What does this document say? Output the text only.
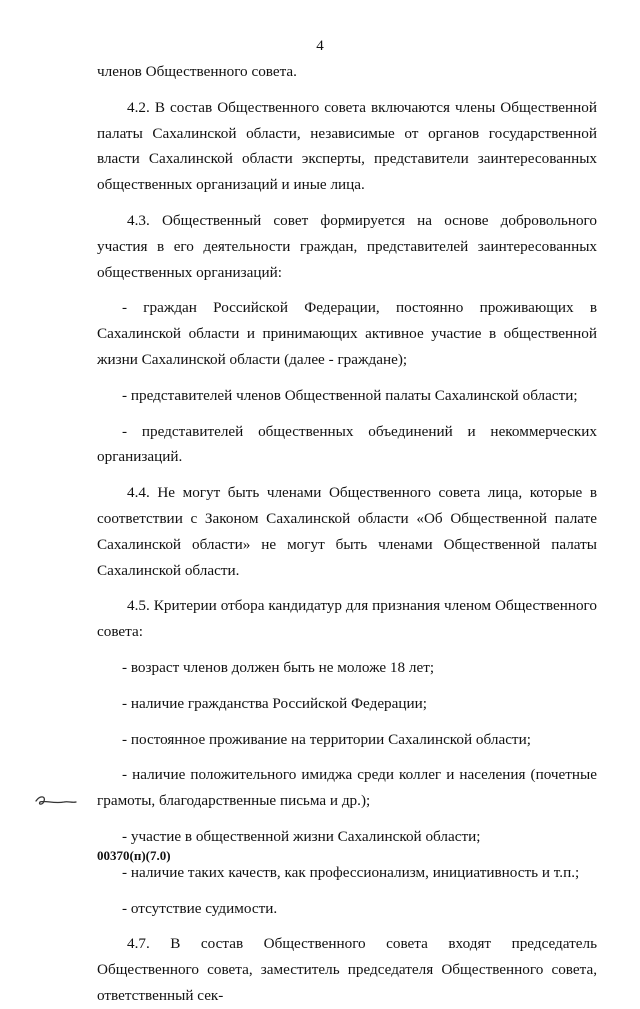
4

членов Общественного совета.

4.2. В состав Общественного совета включаются члены Общественной палаты Сахалинской области, независимые от органов государственной власти Сахалинской области эксперты, представители заинтересованных общественных организаций и иные лица.

4.3. Общественный совет формируется на основе добровольного участия в его деятельности граждан, представителей заинтересованных общественных организаций:

- граждан Российской Федерации, постоянно проживающих в Сахалинской области и принимающих активное участие в общественной жизни Сахалинской области (далее - граждане);

- представителей членов Общественной палаты Сахалинской области;

- представителей общественных объединений и некоммерческих организаций.

4.4. Не могут быть членами Общественного совета лица, которые в соответствии с Законом Сахалинской области «Об Общественной палате Сахалинской области» не могут быть членами Общественной палаты Сахалинской области.

4.5. Критерии отбора кандидатур для признания членом Общественного совета:

- возраст членов должен быть не моложе 18 лет;

- наличие гражданства Российской Федерации;

- постоянное проживание на территории Сахалинской области;

- наличие положительного имиджа среди коллег и населения (почетные грамоты, благодарственные письма и др.);

- участие в общественной жизни Сахалинской области;

- наличие таких качеств, как профессионализм, инициативность и т.п.;

- отсутствие судимости.

4.7. В состав Общественного совета входят председатель Общественного совета, заместитель председателя Общественного совета, ответственный сек-

00370(п)(7.0)
